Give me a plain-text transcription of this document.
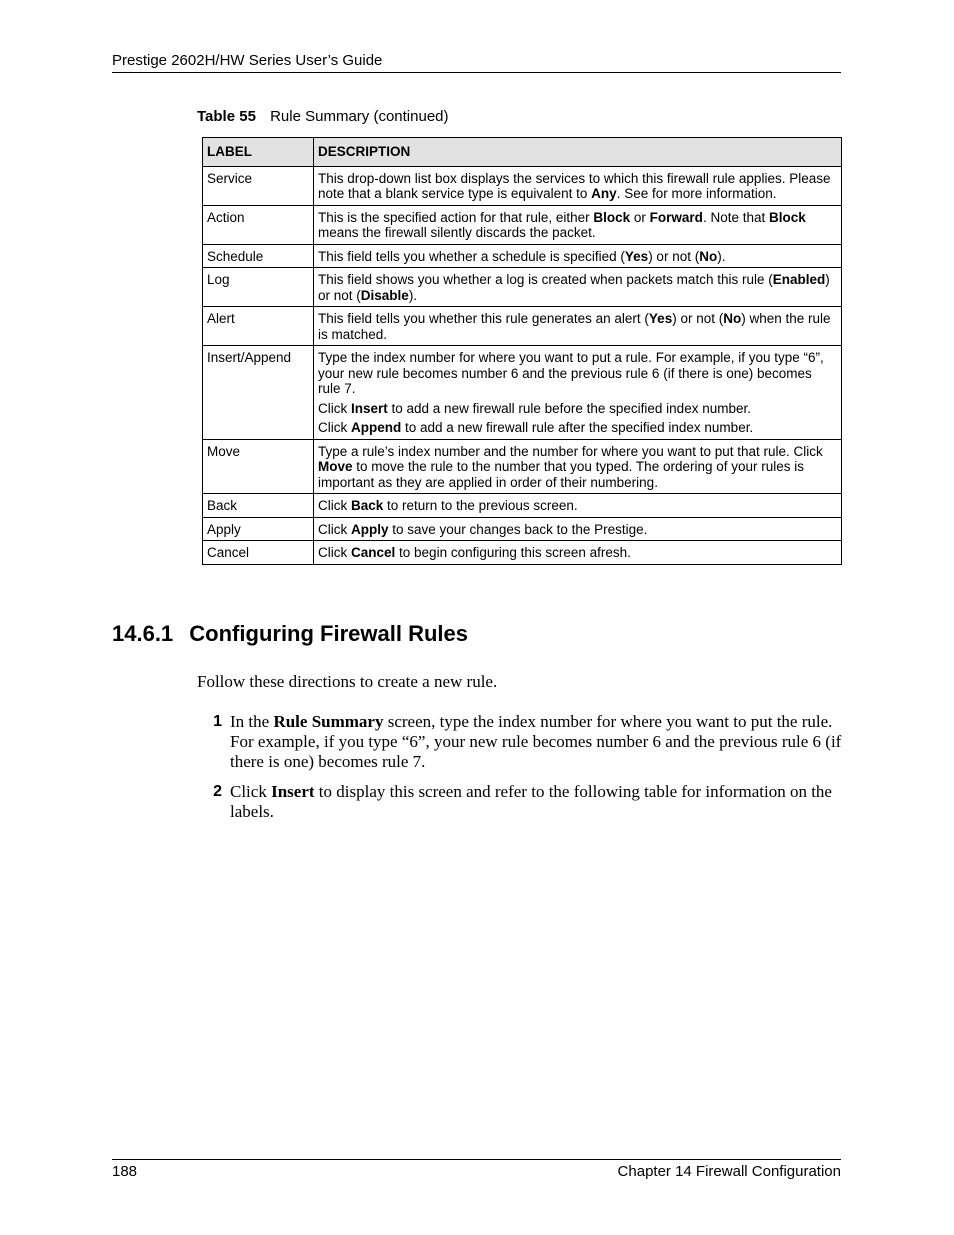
Prestige 2602H/HW Series User’s Guide
Table 55 Rule Summary (continued)
LABEL	DESCRIPTION
Service	This drop-down list box displays the services to which this firewall rule applies. Please note that a blank service type is equivalent to Any. See for more information.

Action	This is the specified action for that rule, either Block or Forward. Note that Block means the firewall silently discards the packet.

Schedule	This field tells you whether a schedule is specified (Yes) or not (No).

Log	This field shows you whether a log is created when packets match this rule (Enabled) or not (Disable).

Alert	This field tells you whether this rule generates an alert (Yes) or not (No) when the rule is matched.

Insert/Append	Type the index number for where you want to put a rule. For example, if you type “6”, your new rule becomes number 6 and the previous rule 6 (if there is one) becomes rule 7.

Click Insert to add a new firewall rule before the specified index number.

Click Append to add a new firewall rule after the specified index number.

Move	Type a rule’s index number and the number for where you want to put that rule. Click Move to move the rule to the number that you typed. The ordering of your rules is important as they are applied in order of their numbering.

Back	Click Back to return to the previous screen.

Apply	Click Apply to save your changes back to the Prestige.

Cancel	Click Cancel to begin configuring this screen afresh.

14.6.1 Configuring Firewall Rules

Follow these directions to create a new rule.

1 In the Rule Summary screen, type the index number for where you want to put the rule. For example, if you type “6”, your new rule becomes number 6 and the previous rule 6 (if there is one) becomes rule 7.
2 Click Insert to display this screen and refer to the following table for information on the labels.
188	Chapter 14 Firewall Configuration
